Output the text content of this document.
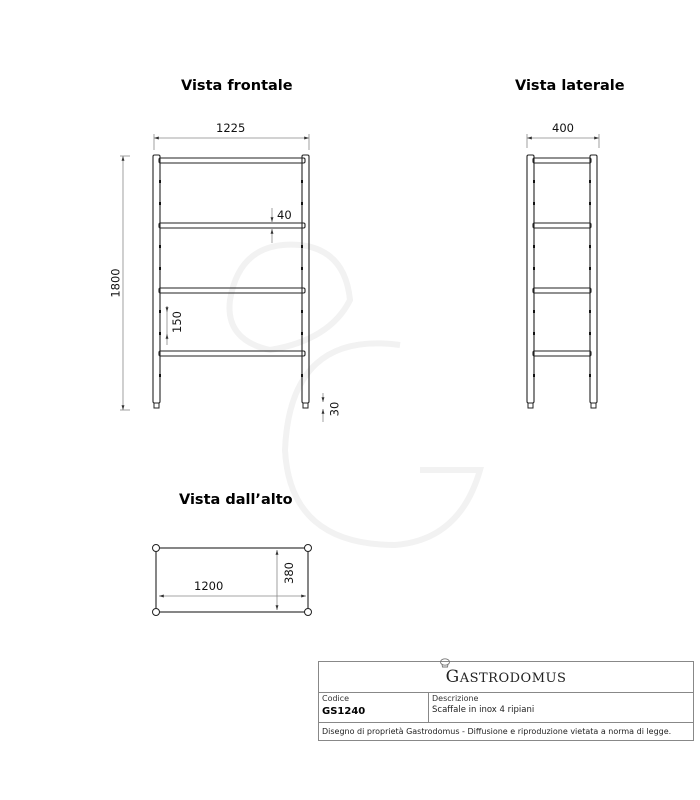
Vista frontale	Vista laterale
Vista dall’alto
1225
1800
40
150
30
400
1200
380
GASTRODOMUS
Codice
GS1240
Descrizione
Scaffale in inox 4 ripiani
Disegno di proprietà Gastrodomus - Diffusione e riproduzione vietata a norma di legge.
